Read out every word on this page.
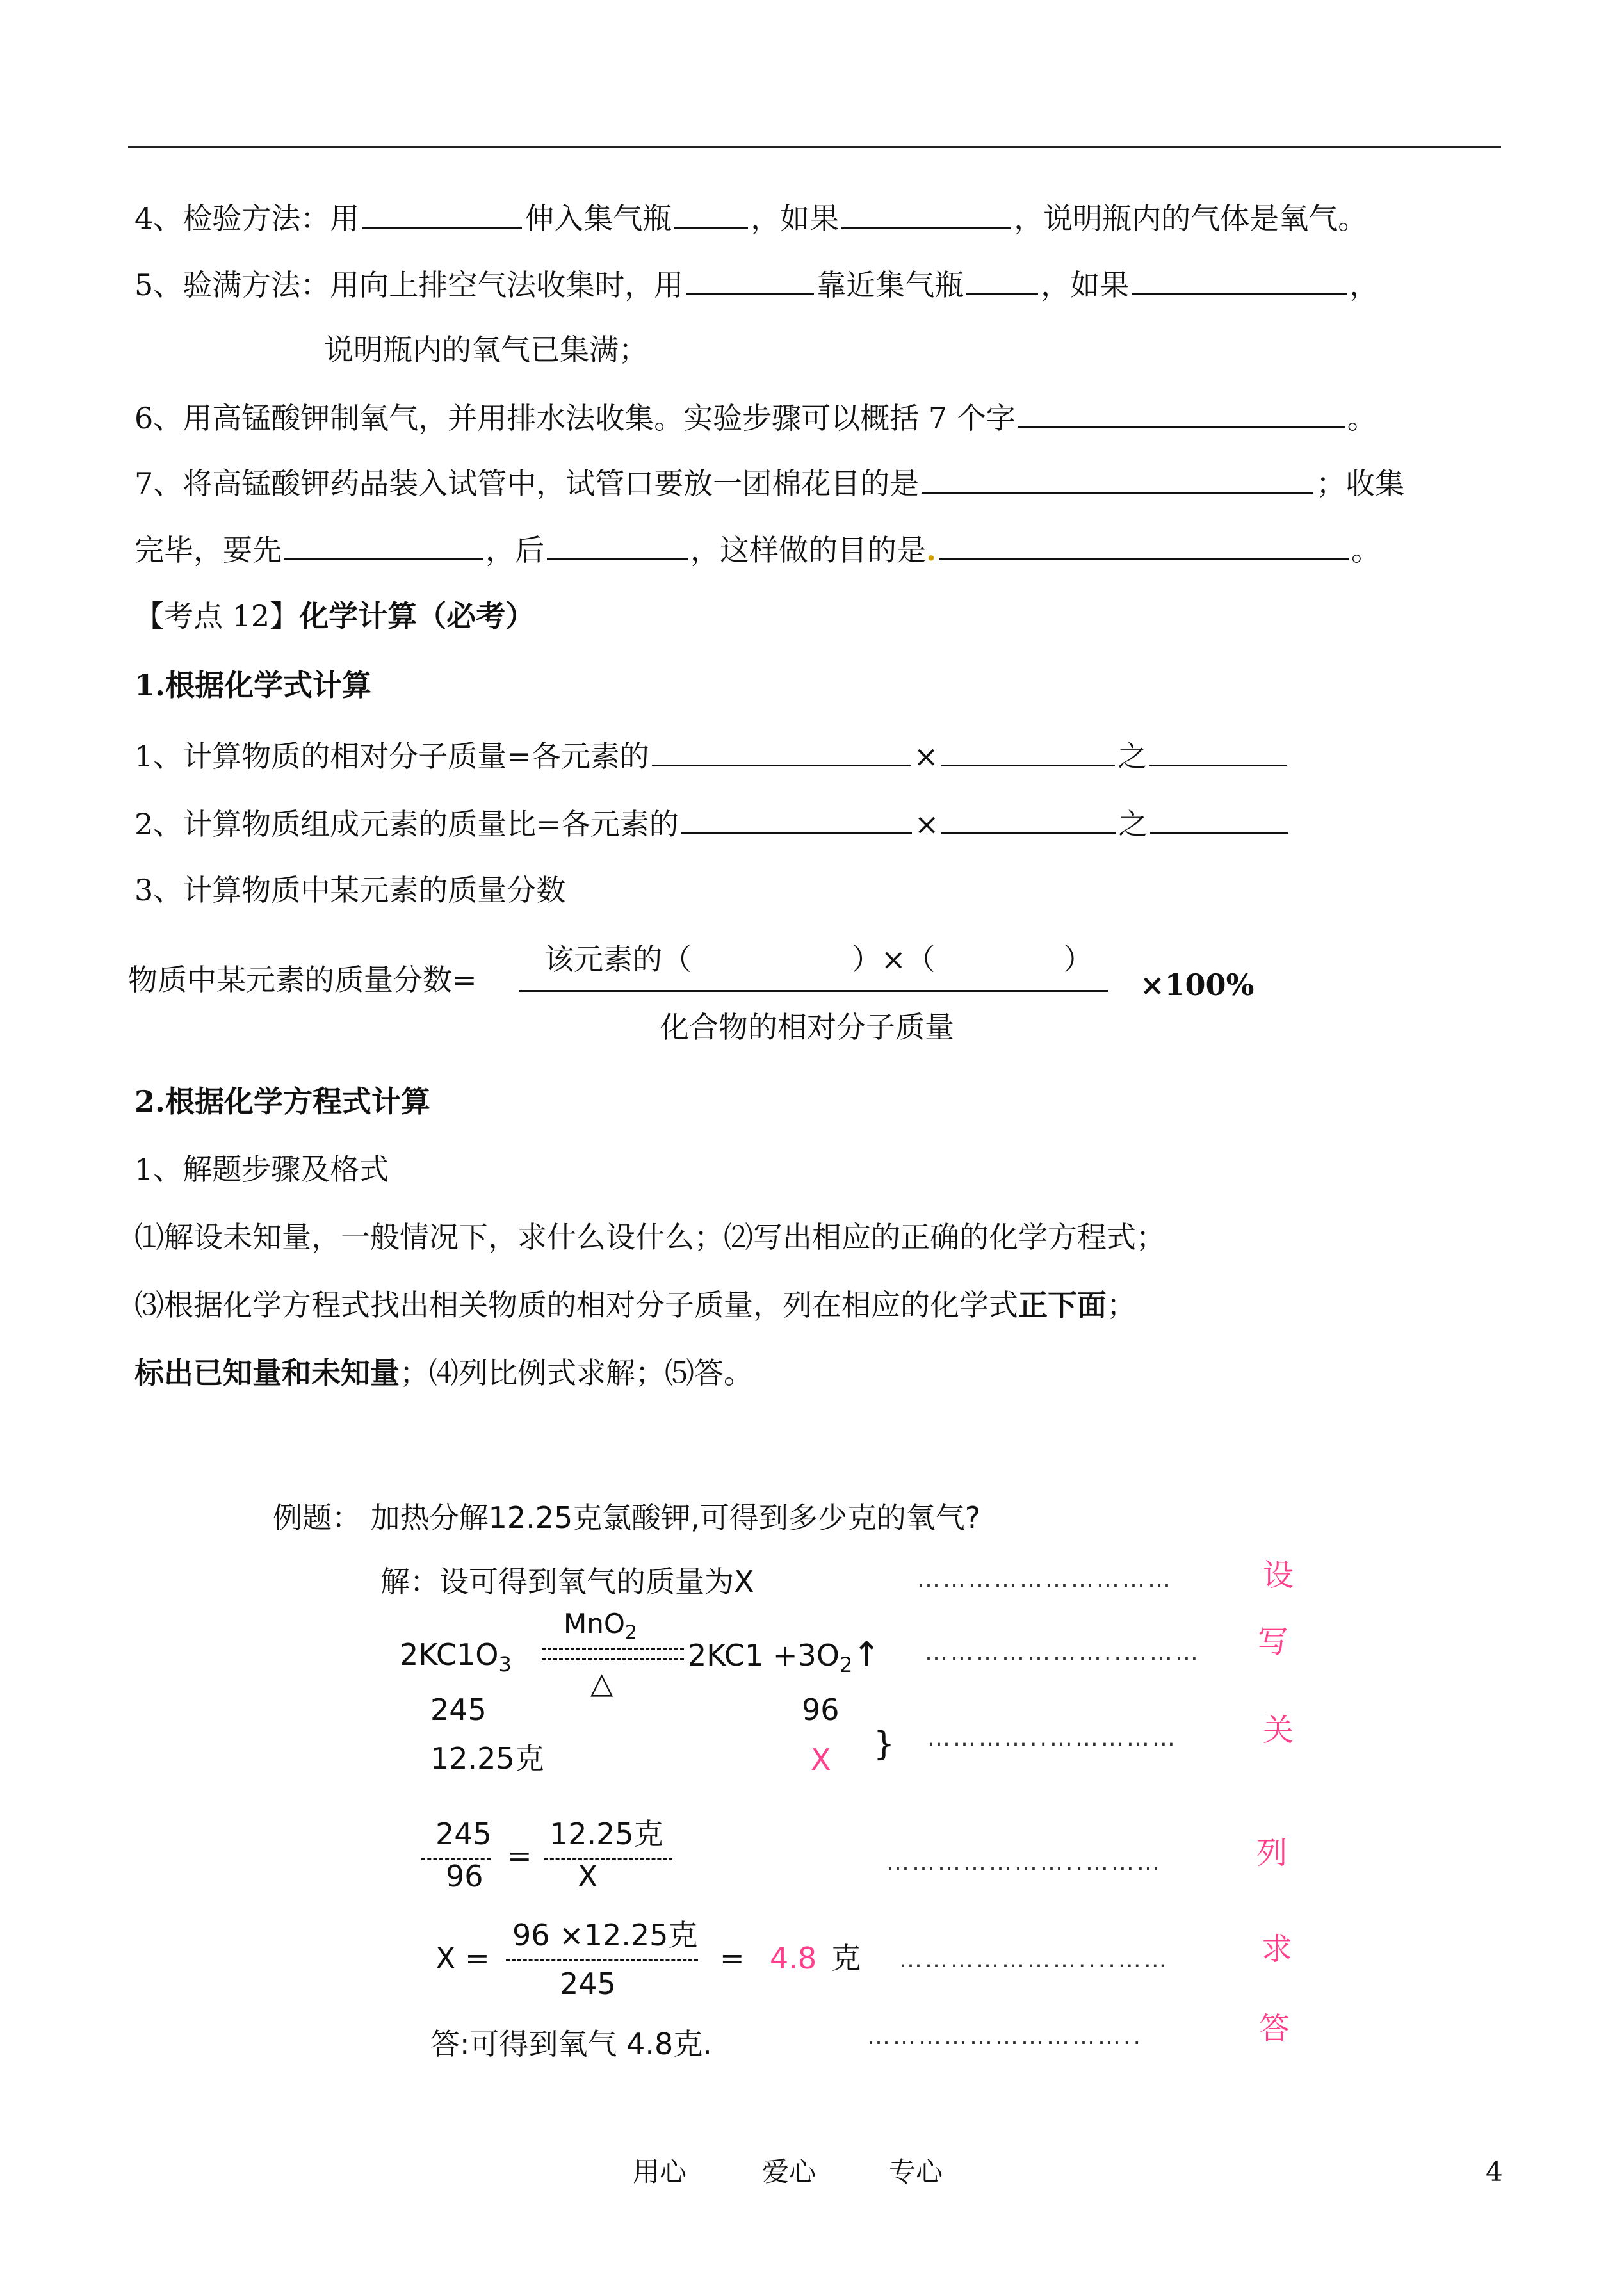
4、检验方法：用	伸入集气瓶	，如果	，说明瓶内的气体是氧气。
5、验满方法：用向上排空气法收集时，用	靠近集气瓶	，如果	，
说明瓶内的氧气已集满；
6、用高锰酸钾制氧气，并用排水法收集。实验步骤可以概括 7 个字	。
7、将高锰酸钾药品装入试管中，试管口要放一团棉花目的是	；收集
完毕，要先	，后	，这样做的目的是.	。
【考点 12】化学计算（必考）
1.根据化学式计算
1、计算物质的相对分子质量=各元素的	×	之
2、计算物质组成元素的质量比=各元素的	×	之
3、计算物质中某元素的质量分数
物质中某元素的质量分数=
该元素的（	）×（	）
化合物的相对分子质量
×100%
2.根据化学方程式计算
1、解题步骤及格式
⑴解设未知量，一般情况下，求什么设什么；⑵写出相应的正确的化学方程式；
⑶根据化学方程式找出相关物质的相对分子质量，列在相应的化学式正下面；
标出已知量和未知量；⑷列比例式求解；⑸答。
例题： 加热分解12.25克氯酸钾,可得到多少克的氧气?
解：设可得到氧气的质量为X
$2KC1O_3$
MnO$_2$
△
$2KC1 +3O_2↑$
245	96
12.25克	X }
245
96
=
12.25克
X
X =
96 ×12.25克
245
= 4.8 克
答:可得到氧气 4.8克.
…………………………
…………………..………
…………..……………
…………………..………
…………………....……
…………………………..
设
写
关
列
求
答
用心	爱心	专心	4
